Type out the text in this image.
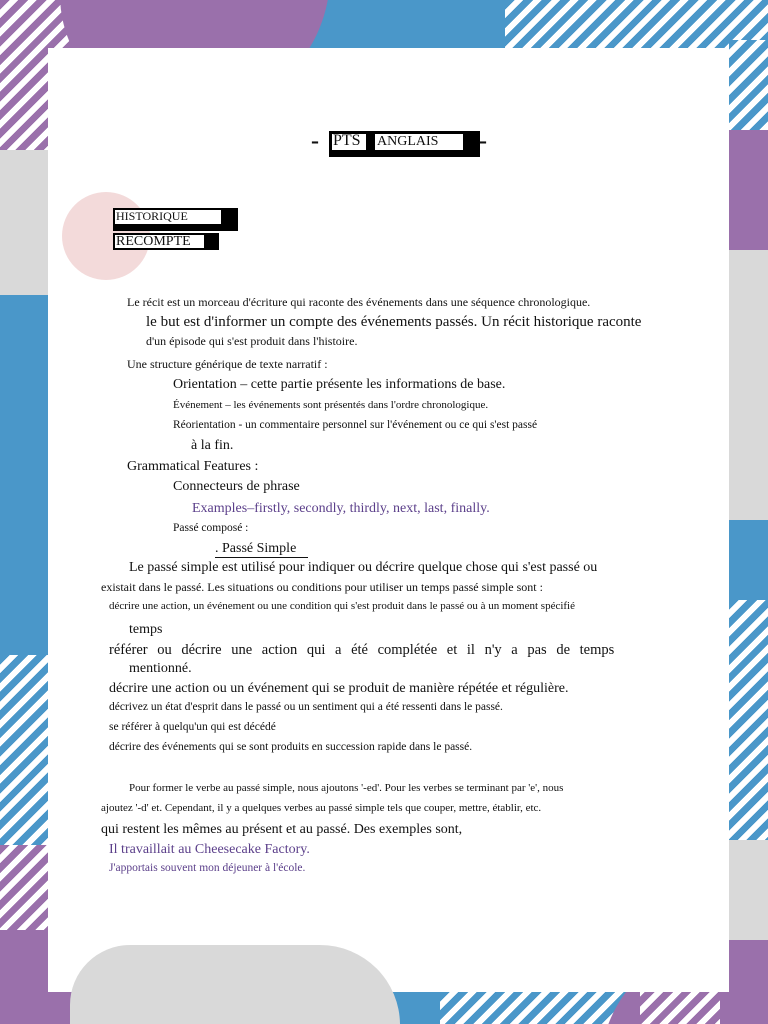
- PTS ANGLAIS -
HISTORIQUE
RECOMPTE
Le récit est un morceau d'écriture qui raconte des événements dans une séquence chronologique.
le but est d'informer un compte des événements passés. Un récit historique raconte
d'un épisode qui s'est produit dans l'histoire.
Une structure générique de texte narratif :
Orientation – cette partie présente les informations de base.
Événement – les événements sont présentés dans l'ordre chronologique.
Réorientation - un commentaire personnel sur l'événement ou ce qui s'est passé
à la fin.
Grammatical Features :
Connecteurs de phrase
Examples–firstly, secondly, thirdly, next, last, finally.
Passé composé :
. Passé Simple
Le passé simple est utilisé pour indiquer ou décrire quelque chose qui s'est passé ou
existait dans le passé. Les situations ou conditions pour utiliser un temps passé simple sont :
décrire une action, un événement ou une condition qui s'est produit dans le passé ou à un moment spécifié
temps
référer ou décrire une action qui a été complétée et il n'y a pas de temps
mentionné.
décrire une action ou un événement qui se produit de manière répétée et régulière.
décrivez un état d'esprit dans le passé ou un sentiment qui a été ressenti dans le passé.
se référer à quelqu'un qui est décédé
décrire des événements qui se sont produits en succession rapide dans le passé.
Pour former le verbe au passé simple, nous ajoutons '-ed'. Pour les verbes se terminant par 'e', nous
ajoutez '-d' et. Cependant, il y a quelques verbes au passé simple tels que couper, mettre, établir, etc.
qui restent les mêmes au présent et au passé. Des exemples sont,
Il travaillait au Cheesecake Factory.
J'apportais souvent mon déjeuner à l'école.
